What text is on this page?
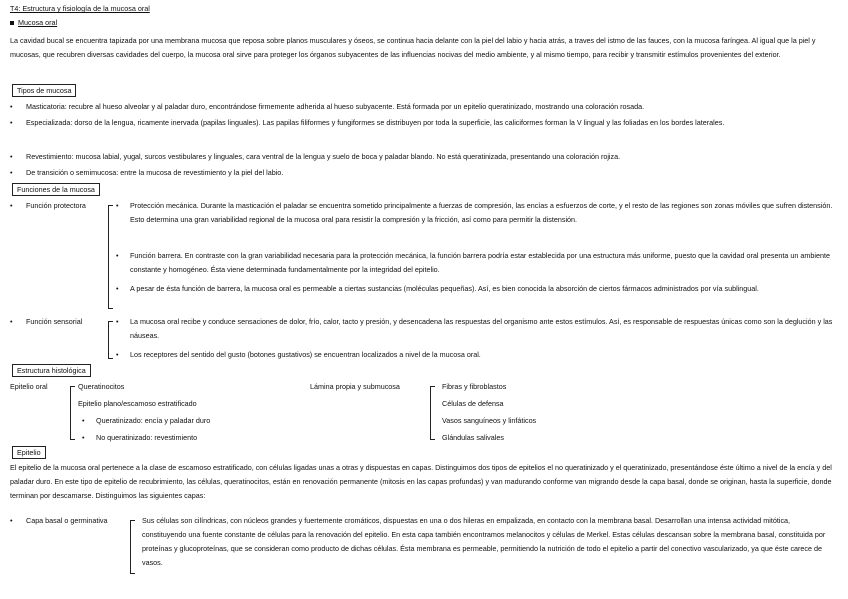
T4: Estructura y fisiología de la mucosa oral
Mucosa oral
La cavidad bucal se encuentra tapizada por una membrana mucosa que reposa sobre planos musculares y óseos, se continua hacia delante con la piel del labio y hacia atrás, a traves del istmo de las fauces, con la mucosa faríngea. Al igual que la piel y mucosas, que recubren diversas cavidades del cuerpo, la mucosa oral sirve para proteger los órganos subyacentes de las influencias nocivas del medio ambiente, y al mismo tiempo, para recibir y transmitir estímulos provenientes del exterior.
Tipos de mucosa
• Masticatoria: recubre al hueso alveolar y al paladar duro, encontrándose firmemente adherida al hueso subyacente. Está formada por un epitelio queratinizado, mostrando una coloración rosada.
• Especializada: dorso de la lengua, ricamente inervada (papilas linguales). Las papilas filiformes y fungiformes se distribuyen por toda la superficie, las caliciformes forman la V lingual y las foliadas en los bordes laterales.
• Revestimiento: mucosa labial, yugal, surcos vestibulares y linguales, cara ventral de la lengua y suelo de boca y paladar blando. No está queratinizada, presentando una coloración rojiza.
• De transición o semimucosa: entre la mucosa de revestimiento y la piel del labio.
Funciones de la mucosa
• Función protectora	• Protección mecánica. Durante la masticación el paladar se encuentra sometido principalmente a fuerzas de compresión, las encías a esfuerzos de corte, y el resto de las regiones son zonas móviles que sufren distensión. Esto determina una gran variabilidad regional de la mucosa oral para resistir la compresión y la fricción, así como para permitir la distensión.
• Función barrera. En contraste con la gran variabilidad necesaria para la protección mecánica, la función barrera podría estar establecida por una estructura más uniforme, puesto que la cavidad oral presenta un ambiente constante y homogéneo. Ésta viene determinada fundamentalmente por la integridad del epitelio.
• A pesar de ésta función de barrera, la mucosa oral es permeable a ciertas sustancias (moléculas pequeñas). Así, es bien conocida la absorción de ciertos fármacos administrados por vía sublingual.
• Función sensorial	• La mucosa oral recibe y conduce sensaciones de dolor, frío, calor, tacto y presión, y desencadena las respuestas del organismo ante estos estímulos. Así, es responsable de respuestas únicas como son la deglución y las náuseas.
• Los receptores del sentido del gusto (botones gustativos) se encuentran localizados a nivel de la mucosa oral.
Estructura histológica
Epitelio oral	Queratinocitos
Epitelio plano/escamoso estratificado
• Queratinizado: encía y paladar duro
• No queratinizado: revestimiento
Lámina propia y submucosa	Fibras y fibroblastos
Células de defensa
Vasos sanguíneos y linfáticos
Glándulas salivales
Epitelio
El epitelio de la mucosa oral pertenece a la clase de escamoso estratificado, con células ligadas unas a otras y dispuestas en capas. Distinguimos dos tipos de epitelios el no queratinizado y el queratinizado, presentándose éste último a nivel de la encía y del paladar duro. En este tipo de epitelio de recubrimiento, las células, queratinocitos, están en renovación permanente (mitosis en las capas profundas) y van madurando conforme van migrando desde la capa basal, donde se originan, hasta la superficie, donde terminan por descamarse. Distinguimos las siguientes capas:
• Capa basal o germinativa	Sus células son cilíndricas, con núcleos grandes y fuertemente cromáticos, dispuestas en una o dos hileras en empalizada, en contacto con la membrana basal. Desarrollan una intensa actividad mitótica, constituyendo una fuente constante de células para la renovación del epitelio. En esta capa también encontramos melanocitos y células de Merkel. Estas células descansan sobre la membrana basal, constituida por proteínas y glucoproteínas, que se consideran como producto de dichas células. Ésta membrana es permeable, permitiendo la nutrición de todo el epitelio a partir del conectivo vascularizado, ya que éste carece de vasos.
